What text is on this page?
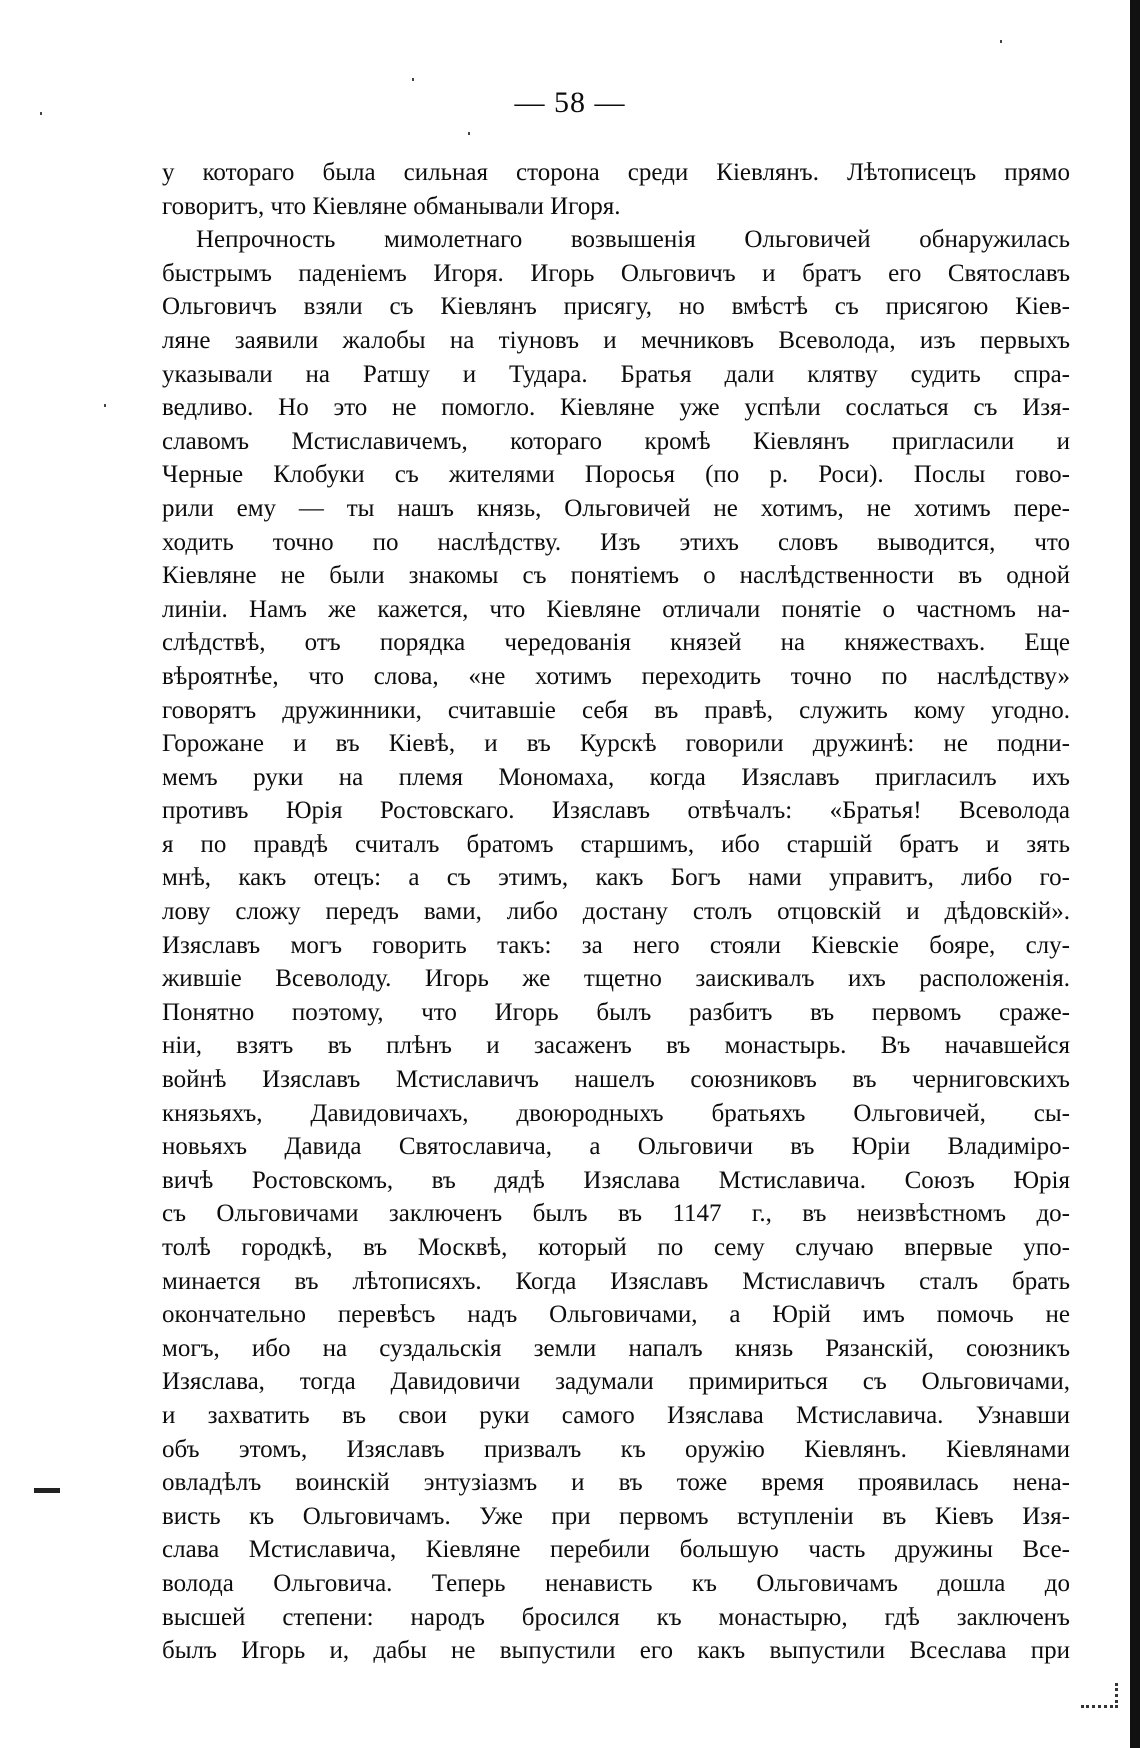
— 58 —
у котораго была сильная сторона среди Кіевлянъ. Лѣтописецъ прямо
говоритъ, что Кіевляне обманывали Игоря.
Непрочность мимолетнаго возвышенія Ольговичей обнаружилась
быстрымъ паденіемъ Игоря. Игорь Ольговичъ и братъ его Святославъ
Ольговичъ взяли съ Кіевлянъ присягу, но вмѣстѣ съ присягою Кіев-
ляне заявили жалобы на тіуновъ и мечниковъ Всеволода, изъ первыхъ
указывали на Ратшу и Тудара. Братья дали клятву судить спра-
ведливо. Но это не помогло. Кіевляне уже успѣли сослаться съ Изя-
славомъ Мстиславичемъ, котораго кромѣ Кіевлянъ пригласили и
Черные Клобуки съ жителями Поросья (по р. Роси). Послы гово-
рили ему — ты нашъ князь, Ольговичей не хотимъ, не хотимъ пере-
ходить точно по наслѣдству. Изъ этихъ словъ выводится, что
Кіевляне не были знакомы съ понятіемъ о наслѣдственности въ одной
линіи. Намъ же кажется, что Кіевляне отличали понятіе о частномъ на-
слѣдствѣ, отъ порядка чередованія князей на княжествахъ. Еще
вѣроятнѣе, что слова, «не хотимъ переходить точно по наслѣдству»
говорятъ дружинники, считавшіе себя въ правѣ, служить кому угодно.
Горожане и въ Кіевѣ, и въ Курскѣ говорили дружинѣ: не подни-
мемъ руки на племя Мономаха, когда Изяславъ пригласилъ ихъ
противъ Юрія Ростовскаго. Изяславъ отвѣчалъ: «Братья! Всеволода
я по правдѣ считалъ братомъ старшимъ, ибо старшій братъ и зять
мнѣ, какъ отецъ: а съ этимъ, какъ Богъ нами управитъ, либо го-
лову сложу передъ вами, либо достану столъ отцовскій и дѣдовскій».
Изяславъ могъ говорить такъ: за него стояли Кіевскіе бояре, слу-
жившіе Всеволоду. Игорь же тщетно заискивалъ ихъ расположенія.
Понятно поэтому, что Игорь былъ разбитъ въ первомъ сраже-
ніи, взятъ въ плѣнъ и засаженъ въ монастырь. Въ начавшейся
войнѣ Изяславъ Мстиславичъ нашелъ союзниковъ въ черниговскихъ
князьяхъ, Давидовичахъ, двоюродныхъ братьяхъ Ольговичей, сы-
новьяхъ Давида Святославича, а Ольговичи въ Юріи Владиміро-
вичѣ Ростовскомъ, въ дядѣ Изяслава Мстиславича. Союзъ Юрія
съ Ольговичами заключенъ былъ въ 1147 г., въ неизвѣстномъ до-
толѣ городкѣ, въ Москвѣ, который по сему случаю впервые упо-
минается въ лѣтописяхъ. Когда Изяславъ Мстиславичъ сталъ брать
окончательно перевѣсъ надъ Ольговичами, а Юрій имъ помочь не
могъ, ибо на суздальскія земли напалъ князь Рязанскій, союзникъ
Изяслава, тогда Давидовичи задумали примириться съ Ольговичами,
и захватить въ свои руки самого Изяслава Мстиславича. Узнавши
объ этомъ, Изяславъ призвалъ къ оружію Кіевлянъ. Кіевлянами
овладѣлъ воинскій энтузіазмъ и въ тоже время проявилась нена-
висть къ Ольговичамъ. Уже при первомъ вступленіи въ Кіевъ Изя-
слава Мстиславича, Кіевляне перебили большую часть дружины Все-
волода Ольговича. Теперь ненависть къ Ольговичамъ дошла до
высшей степени: народъ бросился къ монастырю, гдѣ заключенъ
былъ Игорь и, дабы не выпустили его какъ выпустили Всеслава при
